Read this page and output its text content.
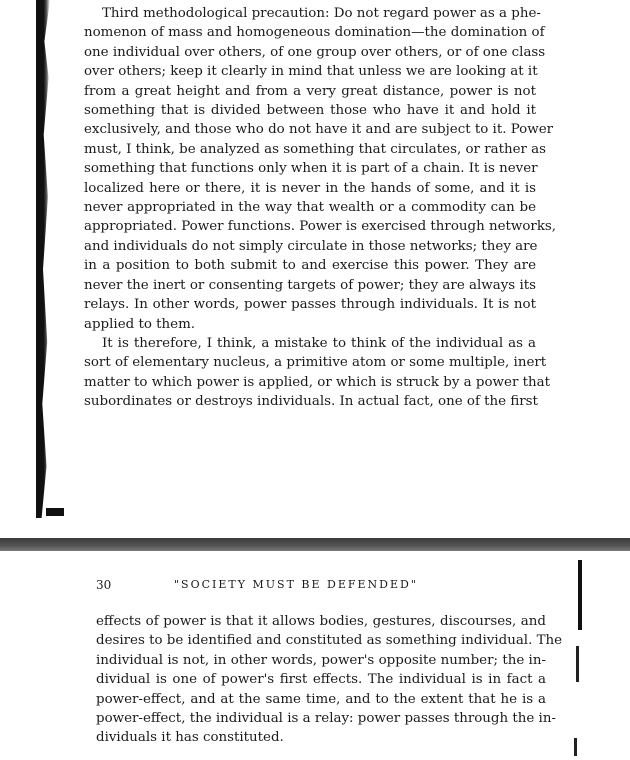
Third methodological precaution: Do not regard power as a phe-
nomenon of mass and homogeneous domination—the domination of
one individual over others, of one group over others, or of one class
over others; keep it clearly in mind that unless we are looking at it
from a great height and from a very great distance, power is not
something that is divided between those who have it and hold it
exclusively, and those who do not have it and are subject to it. Power
must, I think, be analyzed as something that circulates, or rather as
something that functions only when it is part of a chain. It is never
localized here or there, it is never in the hands of some, and it is
never appropriated in the way that wealth or a commodity can be
appropriated. Power functions. Power is exercised through networks,
and individuals do not simply circulate in those networks; they are
in a position to both submit to and exercise this power. They are
never the inert or consenting targets of power; they are always its
relays. In other words, power passes through individuals. It is not
applied to them.
It is therefore, I think, a mistake to think of the individual as a
sort of elementary nucleus, a primitive atom or some multiple, inert
matter to which power is applied, or which is struck by a power that
subordinates or destroys individuals. In actual fact, one of the first
30	"SOCIETY MUST BE DEFENDED"
effects of power is that it allows bodies, gestures, discourses, and
desires to be identified and constituted as something individual. The
individual is not, in other words, power's opposite number; the in-
dividual is one of power's first effects. The individual is in fact a
power-effect, and at the same time, and to the extent that he is a
power-effect, the individual is a relay: power passes through the in-
dividuals it has constituted.
